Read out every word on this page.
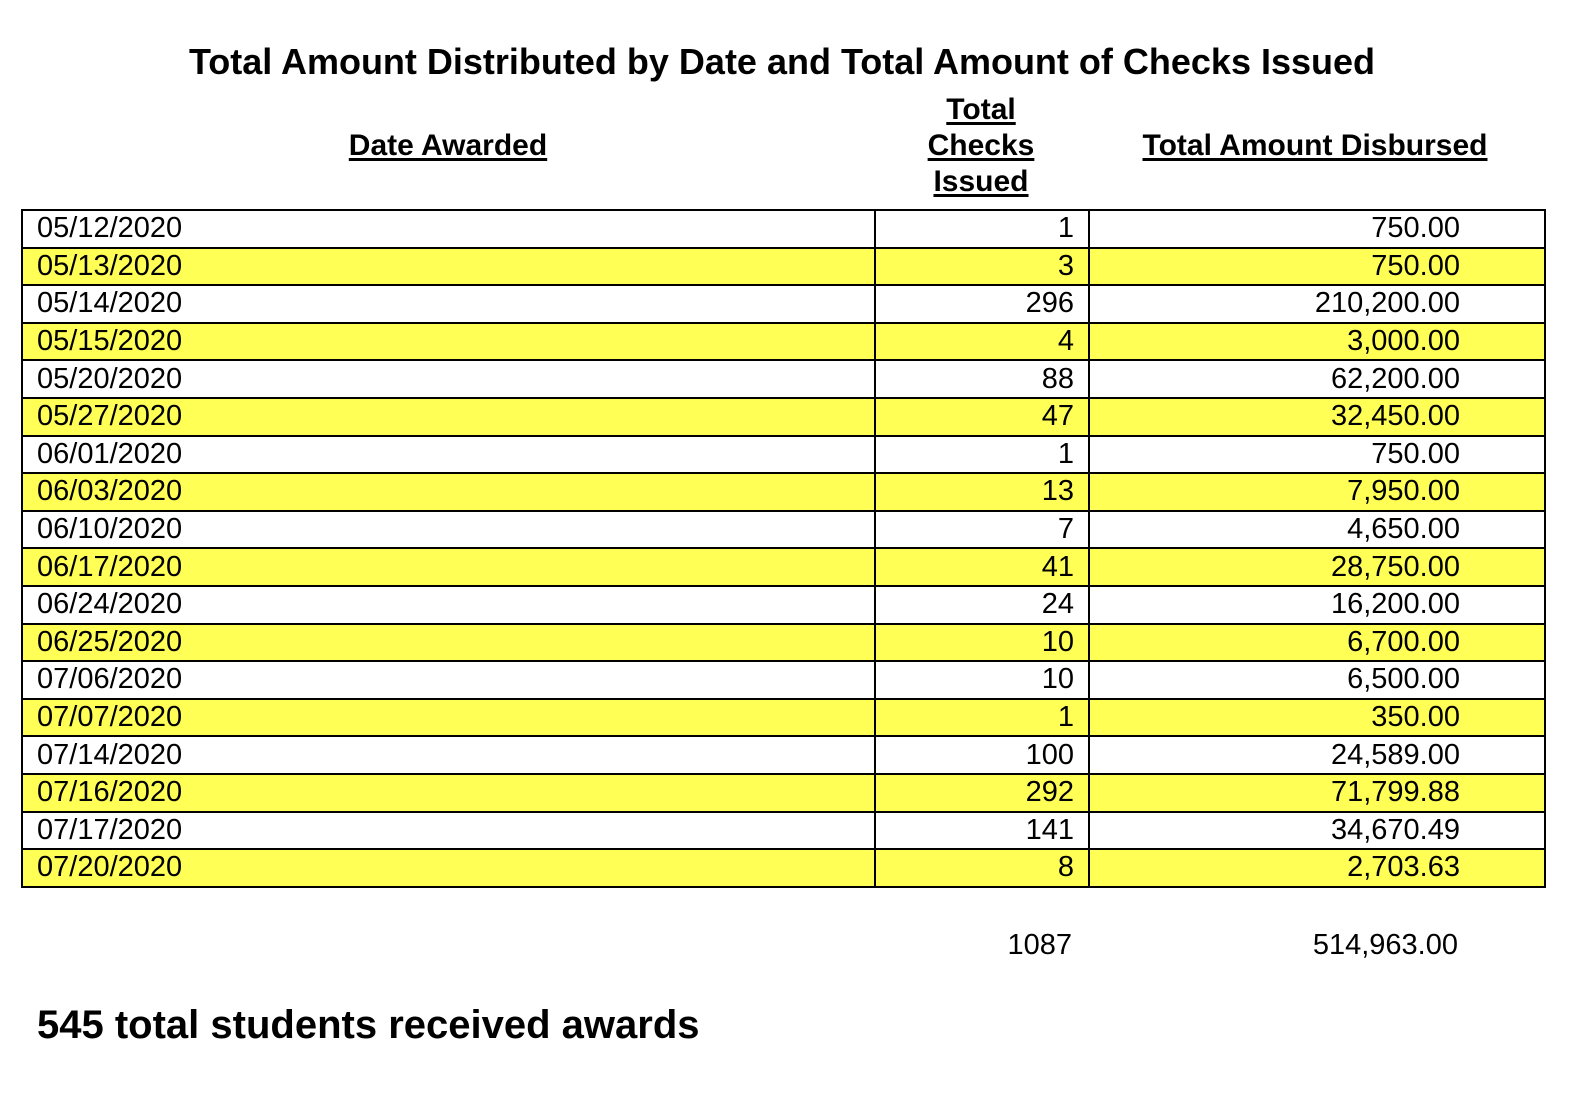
Total Amount Distributed by Date and Total Amount of Checks Issued
Date Awarded
Total
Checks
Issued
Total Amount Disbursed
05/12/2020	1	750.00
05/13/2020	3	750.00
05/14/2020	296	210,200.00
05/15/2020	4	3,000.00
05/20/2020	88	62,200.00
05/27/2020	47	32,450.00
06/01/2020	1	750.00
06/03/2020	13	7,950.00
06/10/2020	7	4,650.00
06/17/2020	41	28,750.00
06/24/2020	24	16,200.00
06/25/2020	10	6,700.00
07/06/2020	10	6,500.00
07/07/2020	1	350.00
07/14/2020	100	24,589.00
07/16/2020	292	71,799.88
07/17/2020	141	34,670.49
07/20/2020	8	2,703.63
1087	514,963.00
545 total students received awards
